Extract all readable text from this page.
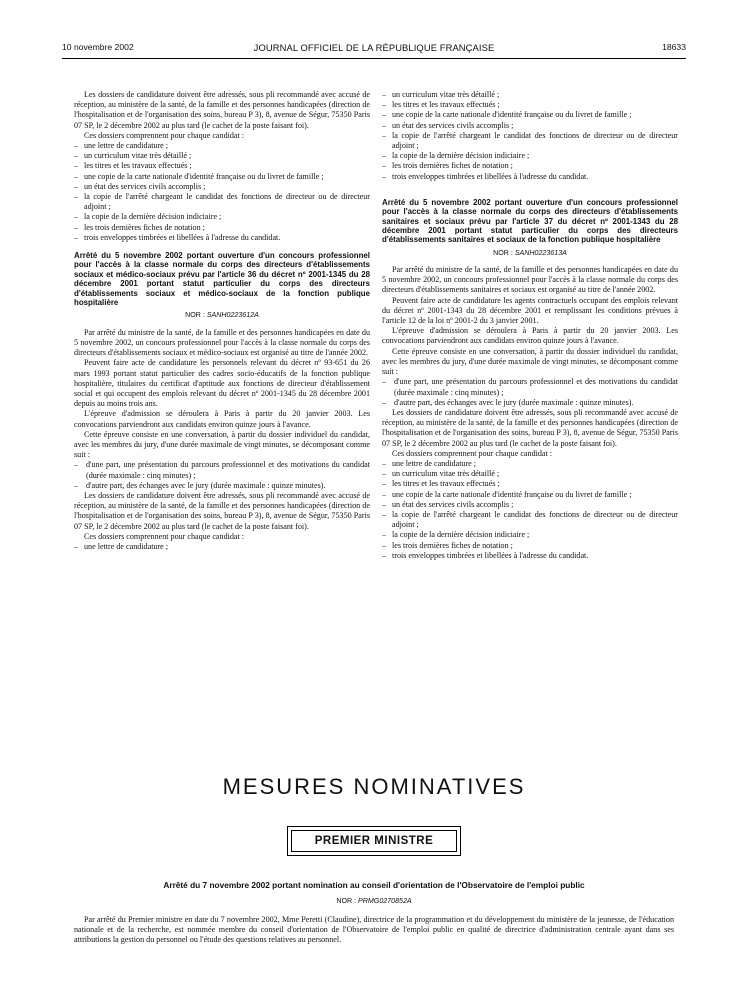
10 novembre 2002	JOURNAL OFFICIEL DE LA RÉPUBLIQUE FRANÇAISE	18633

Les dossiers de candidature doivent être adressés, sous pli recommandé avec accusé de réception, au ministère de la santé, de la famille et des personnes handicapées (direction de l'hospitalisation et de l'organisation des soins, bureau P 3), 8, avenue de Ségur, 75350 Paris 07 SP, le 2 décembre 2002 au plus tard (le cachet de la poste faisant foi).

Ces dossiers comprennent pour chaque candidat :

– une lettre de candidature ;
– un curriculum vitae très détaillé ;
– les titres et les travaux effectués ;
– une copie de la carte nationale d'identité française ou du livret de famille ;
– un état des services civils accomplis ;
– la copie de l'arrêté chargeant le candidat des fonctions de directeur ou de directeur adjoint ;
– la copie de la dernière décision indiciaire ;
– les trois dernières fiches de notation ;
– trois enveloppes timbrées et libellées à l'adresse du candidat.
Arrêté du 5 novembre 2002 portant ouverture d'un concours professionnel pour l'accès à la classe normale du corps des directeurs d'établissements sociaux et médico-sociaux prévu par l'article 36 du décret nº 2001-1345 du 28 décembre 2001 portant statut particulier du corps des directeurs d'établissements sociaux et médico-sociaux de la fonction publique hospitalière
NOR : SANH0223612A

Par arrêté du ministre de la santé, de la famille et des personnes handicapées en date du 5 novembre 2002, un concours professionnel pour l'accès à la classe normale du corps des directeurs d'établissements sociaux et médico-sociaux est organisé au titre de l'année 2002.

Peuvent faire acte de candidature les personnels relevant du décret nº 93-651 du 26 mars 1993 portant statut particulier des cadres socio-éducatifs de la fonction publique hospitalière, titulaires du certificat d'aptitude aux fonctions de directeur d'établissement social et qui occupent des emplois relevant du décret nº 2001-1345 du 28 décembre 2001 depuis au moins trois ans.

L'épreuve d'admission se déroulera à Paris à partir du 20 janvier 2003. Les convocations parviendront aux candidats environ quinze jours à l'avance.

Cette épreuve consiste en une conversation, à partir du dossier individuel du candidat, avec les membres du jury, d'une durée maximale de vingt minutes, se décomposant comme suit :

– d'une part, une présentation du parcours professionnel et des motivations du candidat (durée maximale : cinq minutes) ;
– d'autre part, des échanges avec le jury (durée maximale : quinze minutes).

Les dossiers de candidature doivent être adressés, sous pli recommandé avec accusé de réception, au ministère de la santé, de la famille et des personnes handicapées (direction de l'hospitalisation et de l'organisation des soins, bureau P 3), 8, avenue de Ségur, 75350 Paris 07 SP, le 2 décembre 2002 au plus tard (le cachet de la poste faisant foi).

Ces dossiers comprennent pour chaque candidat :

– une lettre de candidature ;
– un curriculum vitae très détaillé ;
– les titres et les travaux effectués ;
– une copie de la carte nationale d'identité française ou du livret de famille ;
– un état des services civils accomplis ;
– la copie de l'arrêté chargeant le candidat des fonctions de directeur ou de directeur adjoint ;
– la copie de la dernière décision indiciaire ;
– les trois dernières fiches de notation ;
– trois enveloppes timbrées et libellées à l'adresse du candidat.
Arrêté du 5 novembre 2002 portant ouverture d'un concours professionnel pour l'accès à la classe normale du corps des directeurs d'établissements sanitaires et sociaux prévu par l'article 37 du décret nº 2001-1343 du 28 décembre 2001 portant statut particulier du corps des directeurs d'établissements sanitaires et sociaux de la fonction publique hospitalière
NOR : SANH0223613A

Par arrêté du ministre de la santé, de la famille et des personnes handicapées en date du 5 novembre 2002, un concours professionnel pour l'accès à la classe normale du corps des directeurs d'établissements sanitaires et sociaux est organisé au titre de l'année 2002.

Peuvent faire acte de candidature les agents contractuels occupant des emplois relevant du décret nº 2001-1343 du 28 décembre 2001 et remplissant les conditions prévues à l'article 12 de la loi nº 2001-2 du 3 janvier 2001.

L'épreuve d'admission se déroulera à Paris à partir du 20 janvier 2003. Les convocations parviendront aux candidats environ quinze jours à l'avance.

Cette épreuve consiste en une conversation, à partir du dossier individuel du candidat, avec les membres du jury, d'une durée maximale de vingt minutes, se décomposant comme suit :

– d'une part, une présentation du parcours professionnel et des motivations du candidat (durée maximale : cinq minutes) ;
– d'autre part, des échanges avec le jury (durée maximale : quinze minutes).

Les dossiers de candidature doivent être adressés, sous pli recommandé avec accusé de réception, au ministère de la santé, de la famille et des personnes handicapées (direction de l'hospitalisation et de l'organisation des soins, bureau P 3), 8, avenue de Ségur, 75350 Paris 07 SP, le 2 décembre 2002 au plus tard (le cachet de la poste faisant foi).

Ces dossiers comprennent pour chaque candidat :

– une lettre de candidature ;
– un curriculum vitae très détaillé ;
– les titres et les travaux effectués ;
– une copie de la carte nationale d'identité française ou du livret de famille ;
– un état des services civils accomplis ;
– la copie de l'arrêté chargeant le candidat des fonctions de directeur ou de directeur adjoint ;
– la copie de la dernière décision indiciaire ;
– les trois dernières fiches de notation ;
– trois enveloppes timbrées et libellées à l'adresse du candidat.
MESURES NOMINATIVES
PREMIER MINISTRE
Arrêté du 7 novembre 2002 portant nomination au conseil d'orientation de l'Observatoire de l'emploi public
NOR : PRMG0270852A
Par arrêté du Premier ministre en date du 7 novembre 2002, Mme Peretti (Claudine), directrice de la programmation et du développement du ministère de la jeunesse, de l'éducation nationale et de la recherche, est nommée membre du conseil d'orientation de l'Observatoire de l'emploi public en qualité de directrice d'administration centrale ayant dans ses attributions la gestion du personnel ou l'étude des questions relatives au personnel.
